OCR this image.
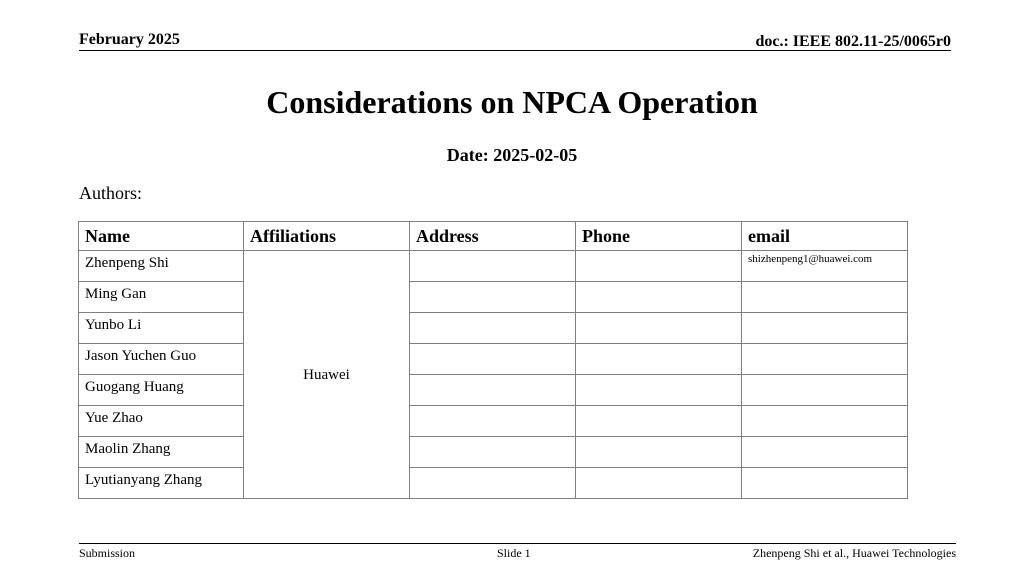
February 2025	doc.: IEEE 802.11-25/0065r0
Considerations on NPCA Operation
Date: 2025-02-05
Authors:
Name	Affiliations	Address	Phone	email
Zhenpeng Shi	Huawei			shizhenpeng1@huawei.com
Ming Gan				
Yunbo Li				
Jason Yuchen Guo				
Guogang Huang				
Yue Zhao				
Maolin Zhang				
Lyutianyang Zhang				
Submission	Slide 1	Zhenpeng Shi et al., Huawei Technologies
